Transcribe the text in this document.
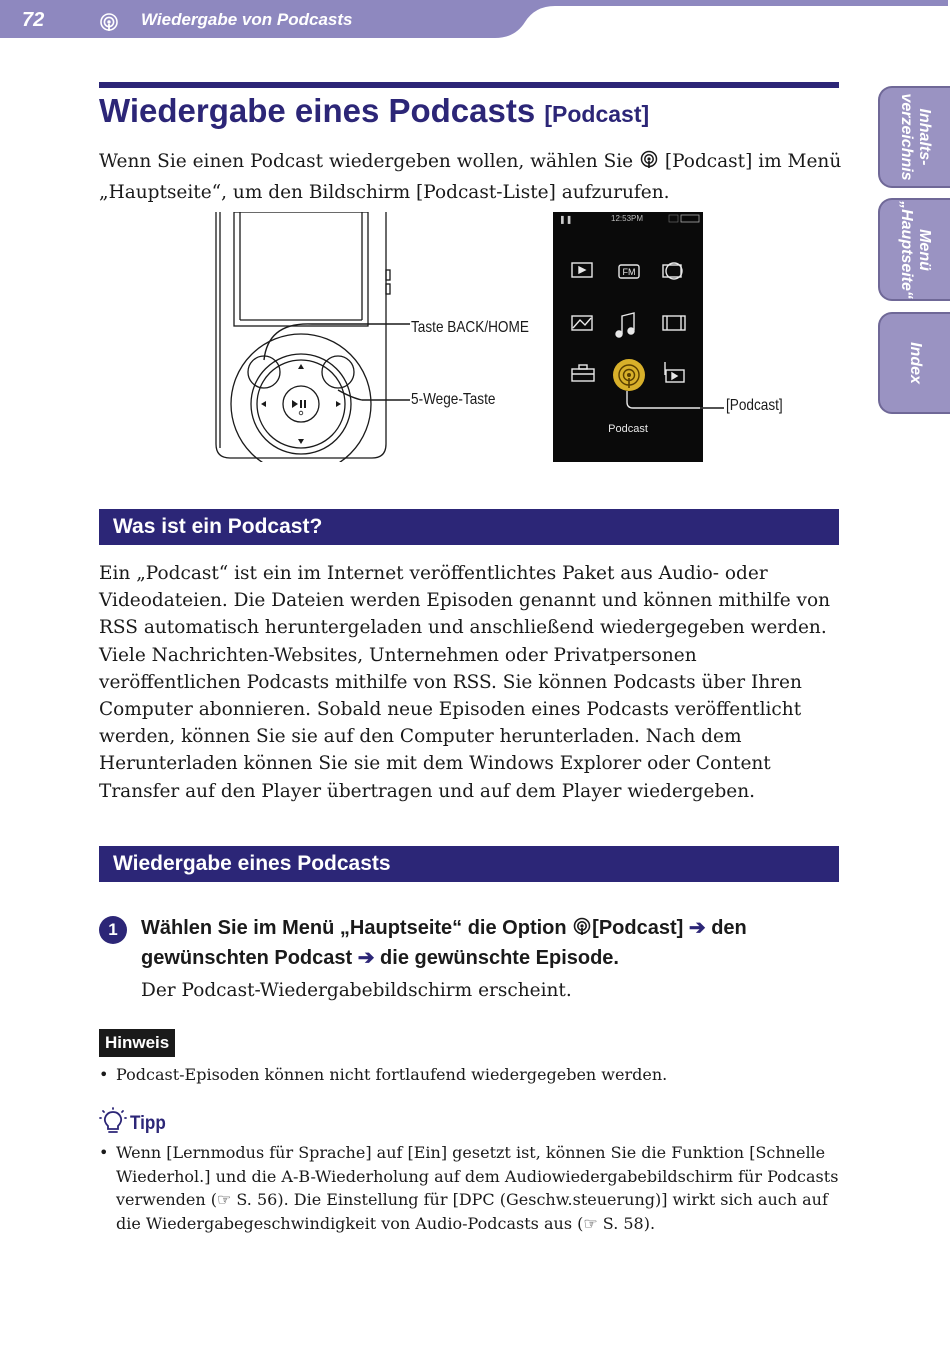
72	Wiedergabe von Podcasts
Inhalts-
verzeichnis
Menü
„Hauptseite“
Index
Wiedergabe eines Podcasts [Podcast]
Wenn Sie einen Podcast wiedergeben wollen, wählen Sie [Podcast] im Menü „Hauptseite“, um den Bildschirm [Podcast-Liste] aufzurufen.
Taste BACK/HOME
5-Wege-Taste
❚❚	12:53PM
FM
Podcast
[Podcast]
Was ist ein Podcast?
Ein „Podcast“ ist ein im Internet veröffentlichtes Paket aus Audio- oder Videodateien. Die Dateien werden Episoden genannt und können mithilfe von RSS automatisch heruntergeladen und anschließend wiedergegeben werden. Viele Nachrichten-Websites, Unternehmen oder Privatpersonen veröffentlichen Podcasts mithilfe von RSS. Sie können Podcasts über Ihren Computer abonnieren. Sobald neue Episoden eines Podcasts veröffentlicht werden, können Sie sie auf den Computer herunterladen. Nach dem Herunterladen können Sie sie mit dem Windows Explorer oder Content Transfer auf den Player übertragen und auf dem Player wiedergeben.
Wiedergabe eines Podcasts
1	Wählen Sie im Menü „Hauptseite“ die Option [Podcast] ➔ den gewünschten Podcast ➔ die gewünschte Episode.
Der Podcast-Wiedergabebildschirm erscheint.
Hinweis
• Podcast-Episoden können nicht fortlaufend wiedergegeben werden.
Tipp
• Wenn [Lernmodus für Sprache] auf [Ein] gesetzt ist, können Sie die Funktion [Schnelle Wiederhol.] und die A-B-Wiederholung auf dem Audiowiedergabebildschirm für Podcasts verwenden (☞ S. 56). Die Einstellung für [DPC (Geschw.steuerung)] wirkt sich auch auf die Wiedergabegeschwindigkeit von Audio-Podcasts aus (☞ S. 58).
